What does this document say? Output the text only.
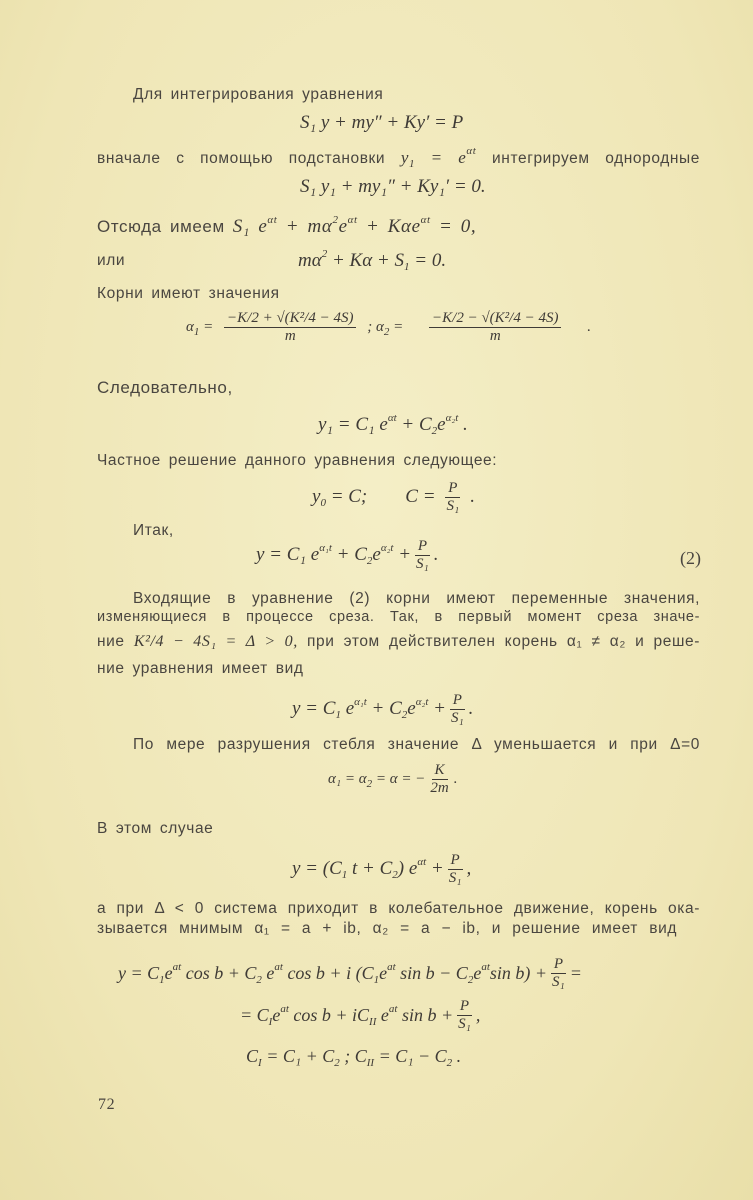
Для интегрирования уравнения
S₁ y + my″ + Ky′ = P
вначале с помощью подстановки $y_1 = e^{\alpha t}$ интегрируем однородные
S₁ y₁ + my₁″ + Ky₁′ = 0.
Отсюда имеем S₁ $e^{\alpha t} + m\alpha^2e^{\alpha t} + K\alpha e^{\alpha t} = 0$,
или	$m\alpha^2 + K\alpha + S_1 = 0$.
Корни имеют значения
$\alpha_1 = \frac{\text{−K/2 + √(K²/4 − 4S)}}{m}$ ; $\alpha_2 = \frac{\text{−K/2 − √(K²/4 − 4S)}}{m}$ .
Следовательно,
y₁ = C₁ $e^{\alpha t} + C_2e^{\alpha_2t}$ .
Частное решение данного уравнения следующее:
$y_0 = C$; $C = \frac{P}{\text{S₁}}$ .
Итак,
y = C₁ $e^{\alpha_1t} + C_2e^{\alpha_2t} + \frac{P}{\text{S₁}}$ .	(2)
Входящие в уравнение (2) корни имеют переменные значения,
изменяющиеся в процессе среза. Так, в первый момент среза значе-
ние K²/4 − 4S₁ = Δ > 0, при этом действителен корень α₁ ≠ α₂ и реше-
ние уравнения имеет вид
$y = C_1$ $e^{\alpha_1t} + C_2e^{\alpha_2t} + \frac{P}{\text{S₁}}$ .
По мере разрушения стебля значение Δ уменьшается и при Δ=0
$\alpha_1 = \alpha_2 = \alpha$ = − $\frac{K}{2m}$ .
В этом случае
$y = (C_1$ $t + C_2$) $e^{\alpha t} + \frac{P}{\text{S₁}}$ ,
а при Δ < 0 система приходит в колебательное движение, корень ока-
зывается мнимым α₁ = a + ib, α₂ = a − ib, и решение имеет вид
$y = C_1e^{at}$ $\cos b + C_2$ $e^{at}$ cos b + i ($C_1e^{at}$ $\sin b - C_2e^{at}\sin$ $b) + \frac{P}{\text{S₁}}$ =
= $C_Ie^{at}$ $\cos b + iC_{II}$ $e^{at}$ $\sin b + \frac{P}{\text{S₁}}$ ,
$C_I = C_1 + C_2$ ; $C_{II} = C_1 - C_2$ .
72
